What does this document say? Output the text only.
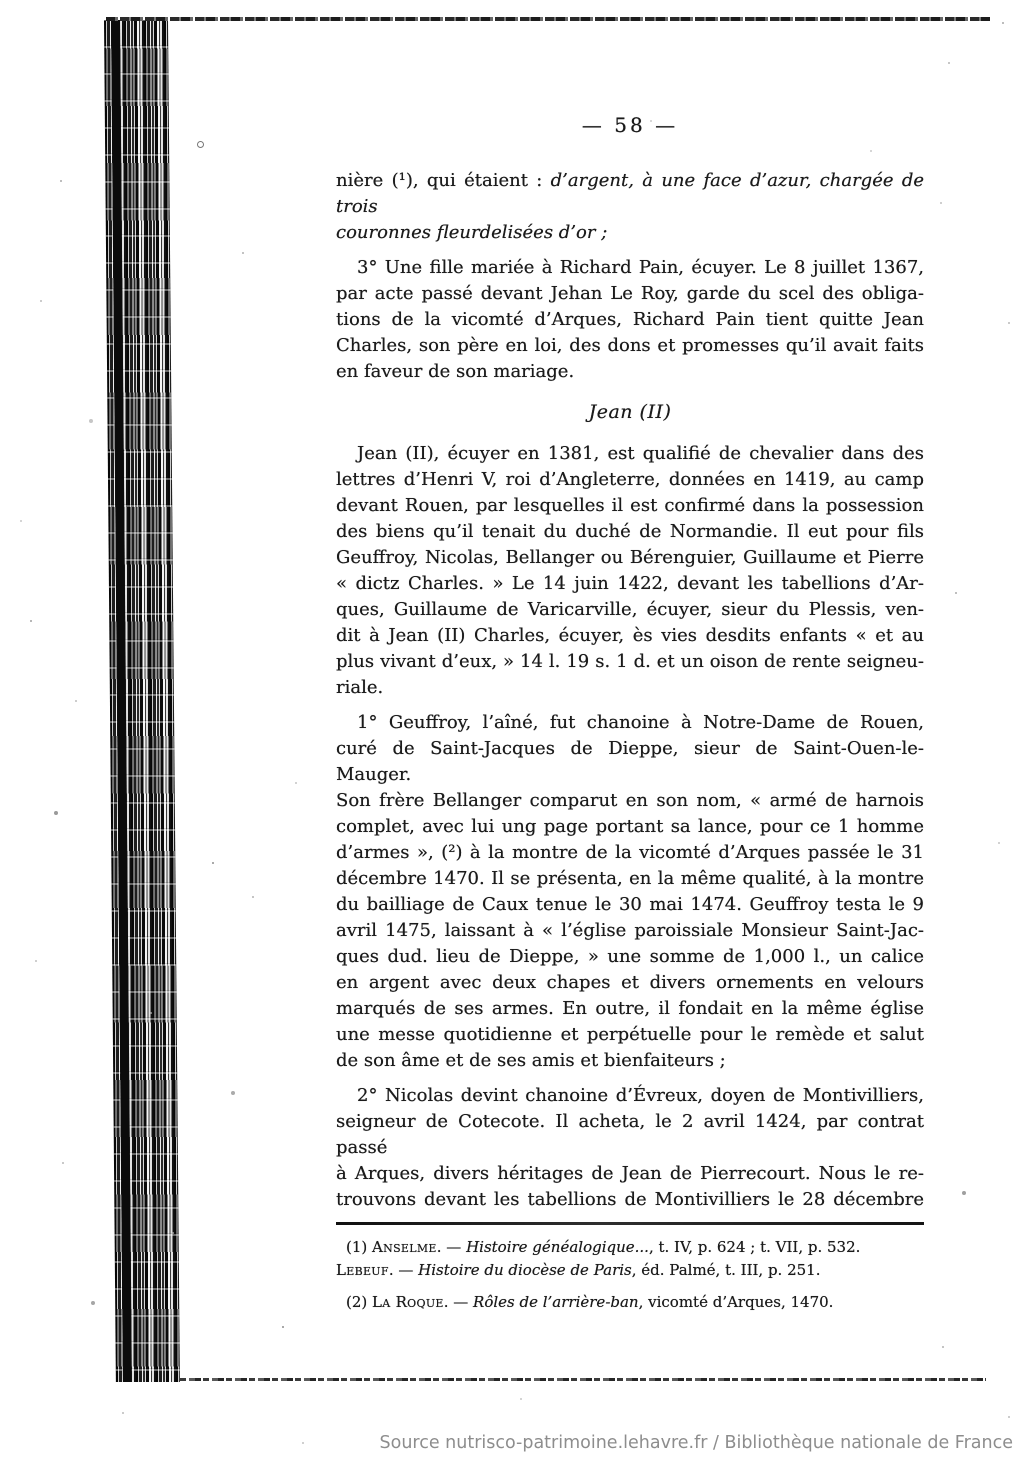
— 58 —
nière (¹), qui étaient : d’argent, à une face d’azur, chargée de trois
couronnes fleurdelisées d’or ;
3° Une fille mariée à Richard Pain, écuyer. Le 8 juillet 1367,
par acte passé devant Jehan Le Roy, garde du scel des obliga-
tions de la vicomté d’Arques, Richard Pain tient quitte Jean
Charles, son père en loi, des dons et promesses qu’il avait faits
en faveur de son mariage.
Jean (II)
Jean (II), écuyer en 1381, est qualifié de chevalier dans des
lettres d’Henri V, roi d’Angleterre, données en 1419, au camp
devant Rouen, par lesquelles il est confirmé dans la possession
des biens qu’il tenait du duché de Normandie. Il eut pour fils
Geuffroy, Nicolas, Bellanger ou Bérenguier, Guillaume et Pierre
« dictz Charles. » Le 14 juin 1422, devant les tabellions d’Ar-
ques, Guillaume de Varicarville, écuyer, sieur du Plessis, ven-
dit à Jean (II) Charles, écuyer, ès vies desdits enfants « et au
plus vivant d’eux, » 14 l. 19 s. 1 d. et un oison de rente seigneu-
riale.
1° Geuffroy, l’aîné, fut chanoine à Notre-Dame de Rouen,
curé de Saint-Jacques de Dieppe, sieur de Saint-Ouen-le-Mauger.
Son frère Bellanger comparut en son nom, « armé de harnois
complet, avec lui ung page portant sa lance, pour ce 1 homme
d’armes », (²) à la montre de la vicomté d’Arques passée le 31
décembre 1470. Il se présenta, en la même qualité, à la montre
du bailliage de Caux tenue le 30 mai 1474. Geuffroy testa le 9
avril 1475, laissant à « l’église paroissiale Monsieur Saint-Jac-
ques dud. lieu de Dieppe, » une somme de 1,000 l., un calice
en argent avec deux chapes et divers ornements en velours
marqués de ses armes. En outre, il fondait en la même église
une messe quotidienne et perpétuelle pour le remède et salut
de son âme et de ses amis et bienfaiteurs ;
2° Nicolas devint chanoine d’Évreux, doyen de Montivilliers,
seigneur de Cotecote. Il acheta, le 2 avril 1424, par contrat passé
à Arques, divers héritages de Jean de Pierrecourt. Nous le re-
trouvons devant les tabellions de Montivilliers le 28 décembre
(1) Anselme. — Histoire généalogique..., t. IV, p. 624 ; t. VII, p. 532.
Lebeuf. — Histoire du diocèse de Paris, éd. Palmé, t. III, p. 251.
(2) La Roque. — Rôles de l’arrière-ban, vicomté d’Arques, 1470.
Source nutrisco-patrimoine.lehavre.fr / Bibliothèque nationale de France
